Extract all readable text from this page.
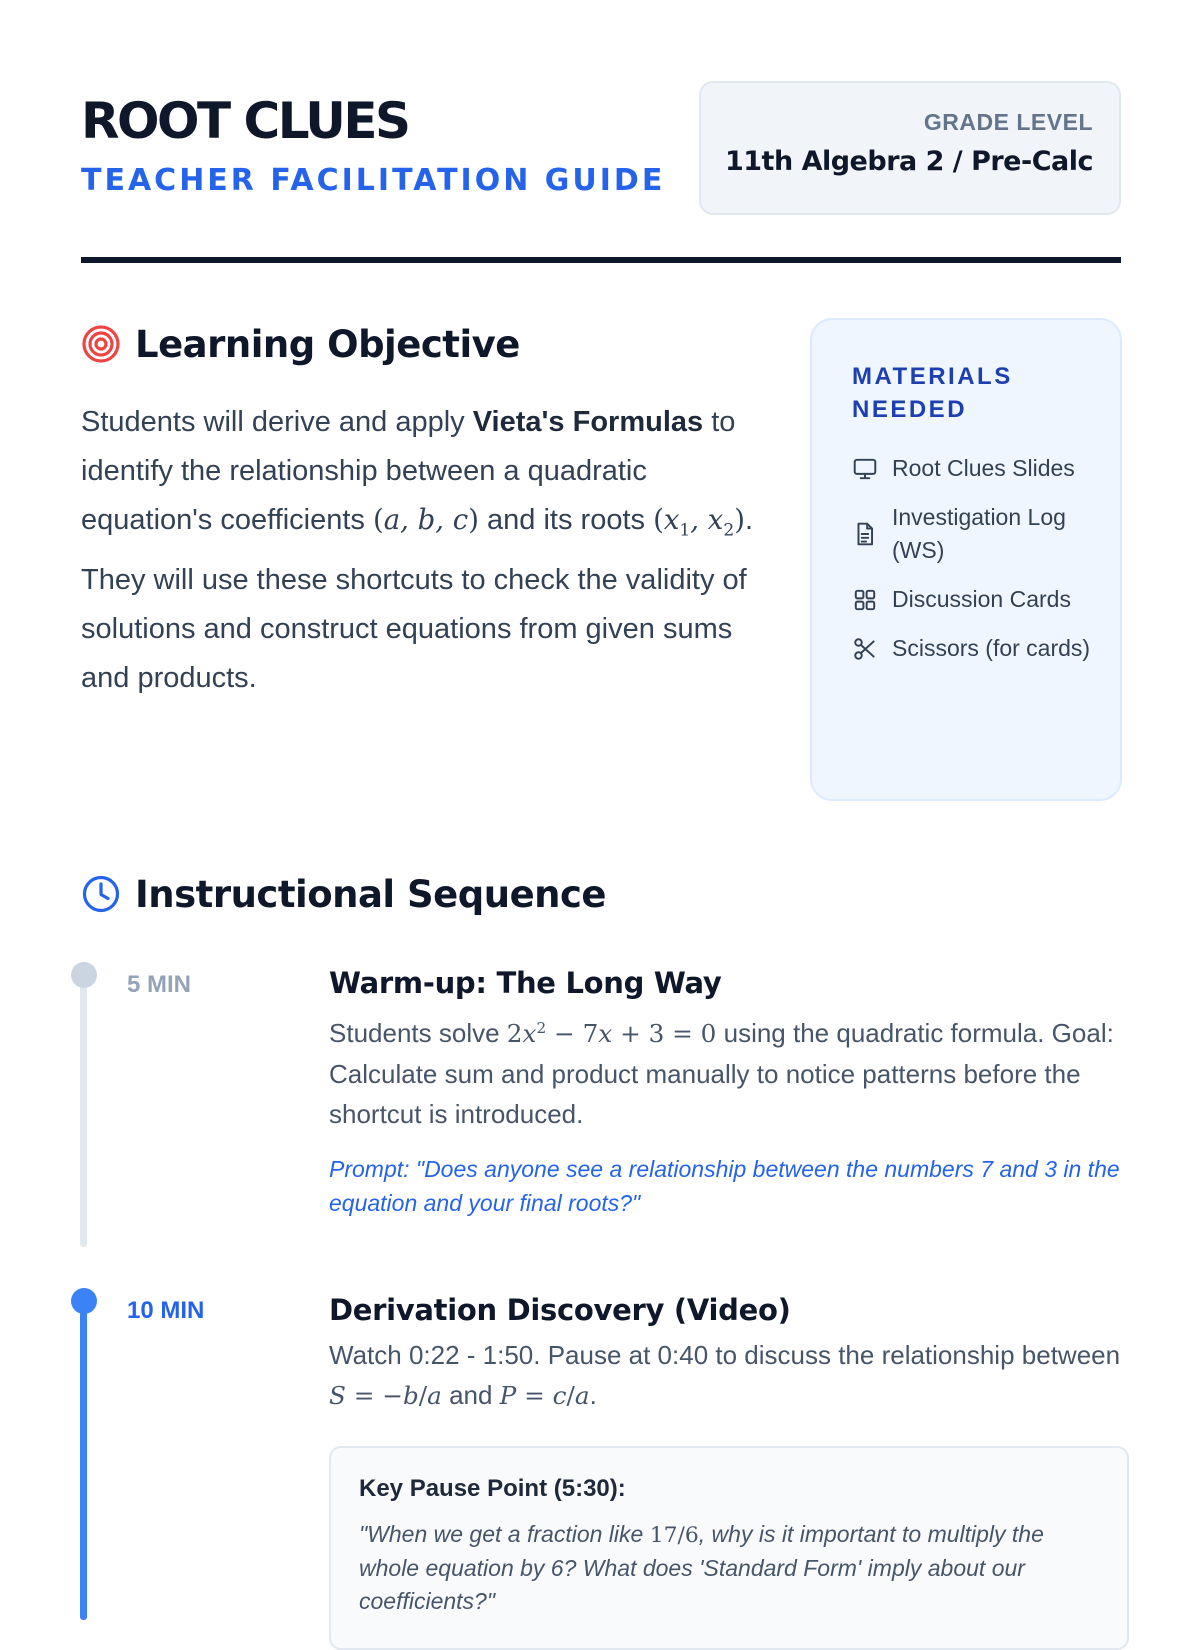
ROOT CLUES
TEACHER FACILITATION GUIDE
GRADE LEVEL
11th Algebra 2 / Pre-Calc
Learning Objective

Students will derive and apply Vieta's Formulas to identify the relationship between a quadratic equation's coefficients (a, b, c) and its roots ($x_1$, $x_2$). They will use these shortcuts to check the validity of solutions and construct equations from given sums and products.

MATERIALS NEEDED
Root Clues Slides
Investigation Log (WS)
Discussion Cards
Scissors (for cards)
Instructional Sequence
5 MIN	Warm-up: The Long Way

Students solve $2x^2 - 7x + 3 = 0$ using the quadratic formula. Goal: Calculate sum and product manually to notice patterns before the shortcut is introduced.

Prompt: "Does anyone see a relationship between the numbers 7 and 3 in the equation and your final roots?"

10 MIN	Derivation Discovery (Video)

Watch 0:22 - 1:50. Pause at 0:40 to discuss the relationship between S = −b/a and P = c/a.

Key Pause Point (5:30):

"When we get a fraction like 17/6, why is it important to multiply the whole equation by 6? What does 'Standard Form' imply about our coefficients?"
